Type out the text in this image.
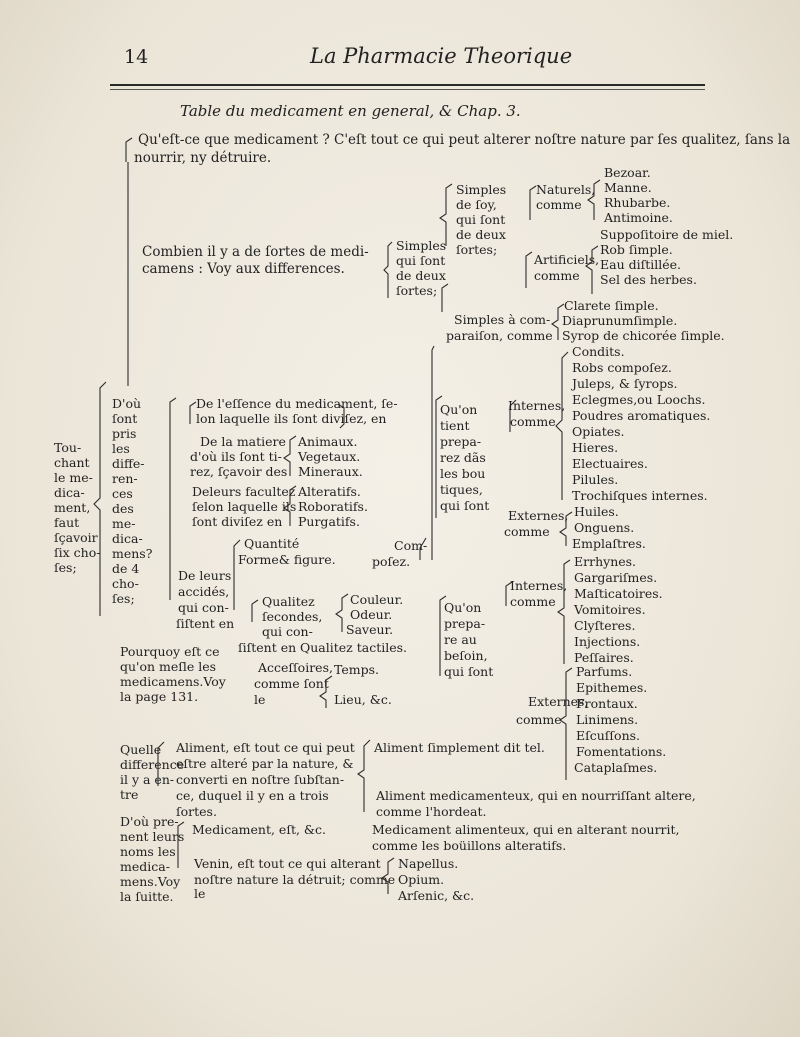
14	La Pharmacie Theorique
Table du medicament en general, & Chap. 3.
Qu'eſt-ce que medicament ? C'eſt tout ce qui peut alterer noſtre nature par ſes qualitez, ſans la
nourrir, ny détruire.
Combien il y a de ſortes de medi-
camens : Voy aux differences.
Simples
qui ſont
de deux
ſortes;
Simples
de ſoy,
qui ſont
de deux
ſortes;
Naturels,
comme
Bezoar.
Manne.
Rhubarbe.
Antimoine.
Artificiels,
comme
Suppoſitoire de miel.
Rob ſimple.
Eau diſtillée.
Sel des herbes.
Simples à com-
paraiſon, comme
Clarete ſimple.
Diaprunumſimple.
Syrop de chicorée ſimple.
Tou-
chant
le me-
dica-
ment,
faut
ſçavoir
ſix cho-
ſes;
D'où
ſont
pris
les
diffe-
ren-
ces
des
me-
dica-
mens?
de 4
cho-
ſes;
De l'eſſence du medicament, ſe-
lon laquelle ils ſont diviſez, en
De la matiere
d'où ils ſont ti-
rez, ſçavoir des
Animaux.
Vegetaux.
Mineraux.
Deleurs facultez
ſelon laquelle ils
ſont diviſez en
Alteratifs.
Roboratifs.
Purgatifs.
Quantité
Forme& figure.
De leurs
accidés,
qui con-
ſiſtent en
Qualitez
ſecondes,
qui con-
ſiſtent en
Couleur.
Odeur.
Saveur.
Qualitez tactiles.
Acceſſoires,
comme ſont
le
Temps.
Lieu, &c.
Pourquoy eſt ce
qu'on meſle les
medicamens.Voy
la page 131.
Com-
poſez.
Qu'on
tient
prepa-
rez dãs
les bou
tiques,
qui ſont
Internes,
comme
Condits.
Robs compoſez.
Juleps, & ſyrops.
Eclegmes,ou Loochs.
Poudres aromatiques.
Opiates.
Hieres.
Electuaires.
Pilules.
Trochiſques internes.
Externes,
comme
Huiles.
Onguens.
Emplaſtres.
Qu'on
prepa-
re au
beſoin,
qui ſont
Internes,
comme
Errhynes.
Gargariſmes.
Maſticatoires.
Vomitoires.
Clyſteres.
Injections.
Peſſaires.
Externes,
comme
Parfums.
Epithemes.
Frontaux.
Linimens.
Eſcuſſons.
Fomentations.
Cataplaſmes.
Quelle
difference
il y a en-
tre
Aliment, eſt tout ce qui peut
eſtre alteré par la nature, &
converti en noſtre ſubſtan-
ce, duquel il y en a trois
ſortes.
Aliment ſimplement dit tel.
Aliment medicamenteux, qui en nourriſſant altere,
comme l'hordeat.
Medicament alimenteux, qui en alterant nourrit,
comme les boüillons alteratifs.
Medicament, eſt, &c.
D'où pre-
nent leurs
noms les
medica-
mens.Voy
la ſuitte.
Venin, eſt tout ce qui alterant
noſtre nature la détruit; comme
le
Napellus.
Opium.
Arſenic, &c.
